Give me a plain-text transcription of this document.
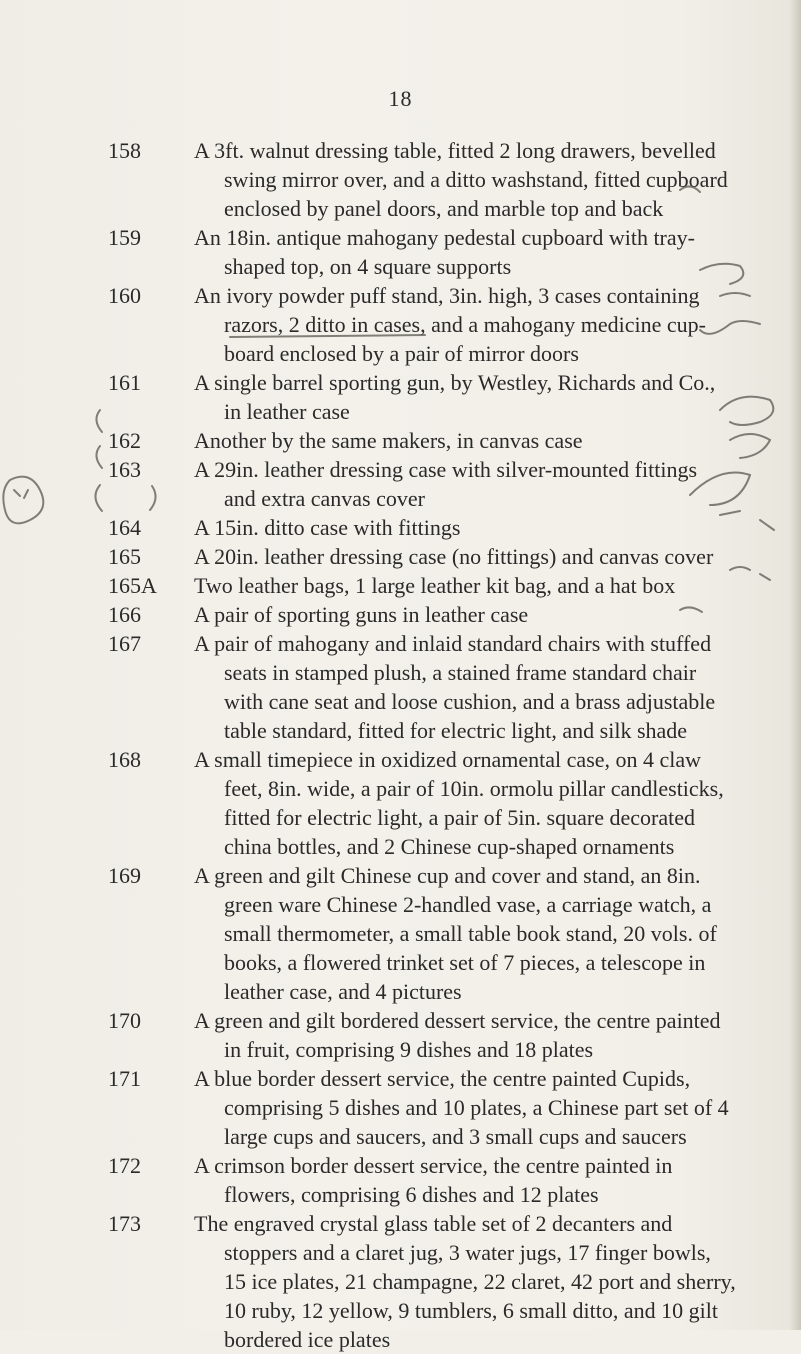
18
158	A 3ft. walnut dressing table, fitted 2 long drawers, bevelled
swing mirror over, and a ditto washstand, fitted cupboard
enclosed by panel doors, and marble top and back
159	An 18in. antique mahogany pedestal cupboard with tray-
shaped top, on 4 square supports
160	An ivory powder puff stand, 3in. high, 3 cases containing
razors, 2 ditto in cases, and a mahogany medicine cup-
board enclosed by a pair of mirror doors
161	A single barrel sporting gun, by Westley, Richards and Co.,
in leather case
162	Another by the same makers, in canvas case
163	A 29in. leather dressing case with silver-mounted fittings
and extra canvas cover
164	A 15in. ditto case with fittings
165	A 20in. leather dressing case (no fittings) and canvas cover
165A	Two leather bags, 1 large leather kit bag, and a hat box
166	A pair of sporting guns in leather case
167	A pair of mahogany and inlaid standard chairs with stuffed
seats in stamped plush, a stained frame standard chair
with cane seat and loose cushion, and a brass adjustable
table standard, fitted for electric light, and silk shade
168	A small timepiece in oxidized ornamental case, on 4 claw
feet, 8in. wide, a pair of 10in. ormolu pillar candlesticks,
fitted for electric light, a pair of 5in. square decorated
china bottles, and 2 Chinese cup-shaped ornaments
169	A green and gilt Chinese cup and cover and stand, an 8in.
green ware Chinese 2-handled vase, a carriage watch, a
small thermometer, a small table book stand, 20 vols. of
books, a flowered trinket set of 7 pieces, a telescope in
leather case, and 4 pictures
170	A green and gilt bordered dessert service, the centre painted
in fruit, comprising 9 dishes and 18 plates
171	A blue border dessert service, the centre painted Cupids,
comprising 5 dishes and 10 plates, a Chinese part set of 4
large cups and saucers, and 3 small cups and saucers
172	A crimson border dessert service, the centre painted in
flowers, comprising 6 dishes and 12 plates
173	The engraved crystal glass table set of 2 decanters and
stoppers and a claret jug, 3 water jugs, 17 finger bowls,
15 ice plates, 21 champagne, 22 claret, 42 port and sherry,
10 ruby, 12 yellow, 9 tumblers, 6 small ditto, and 10 gilt
bordered ice plates
